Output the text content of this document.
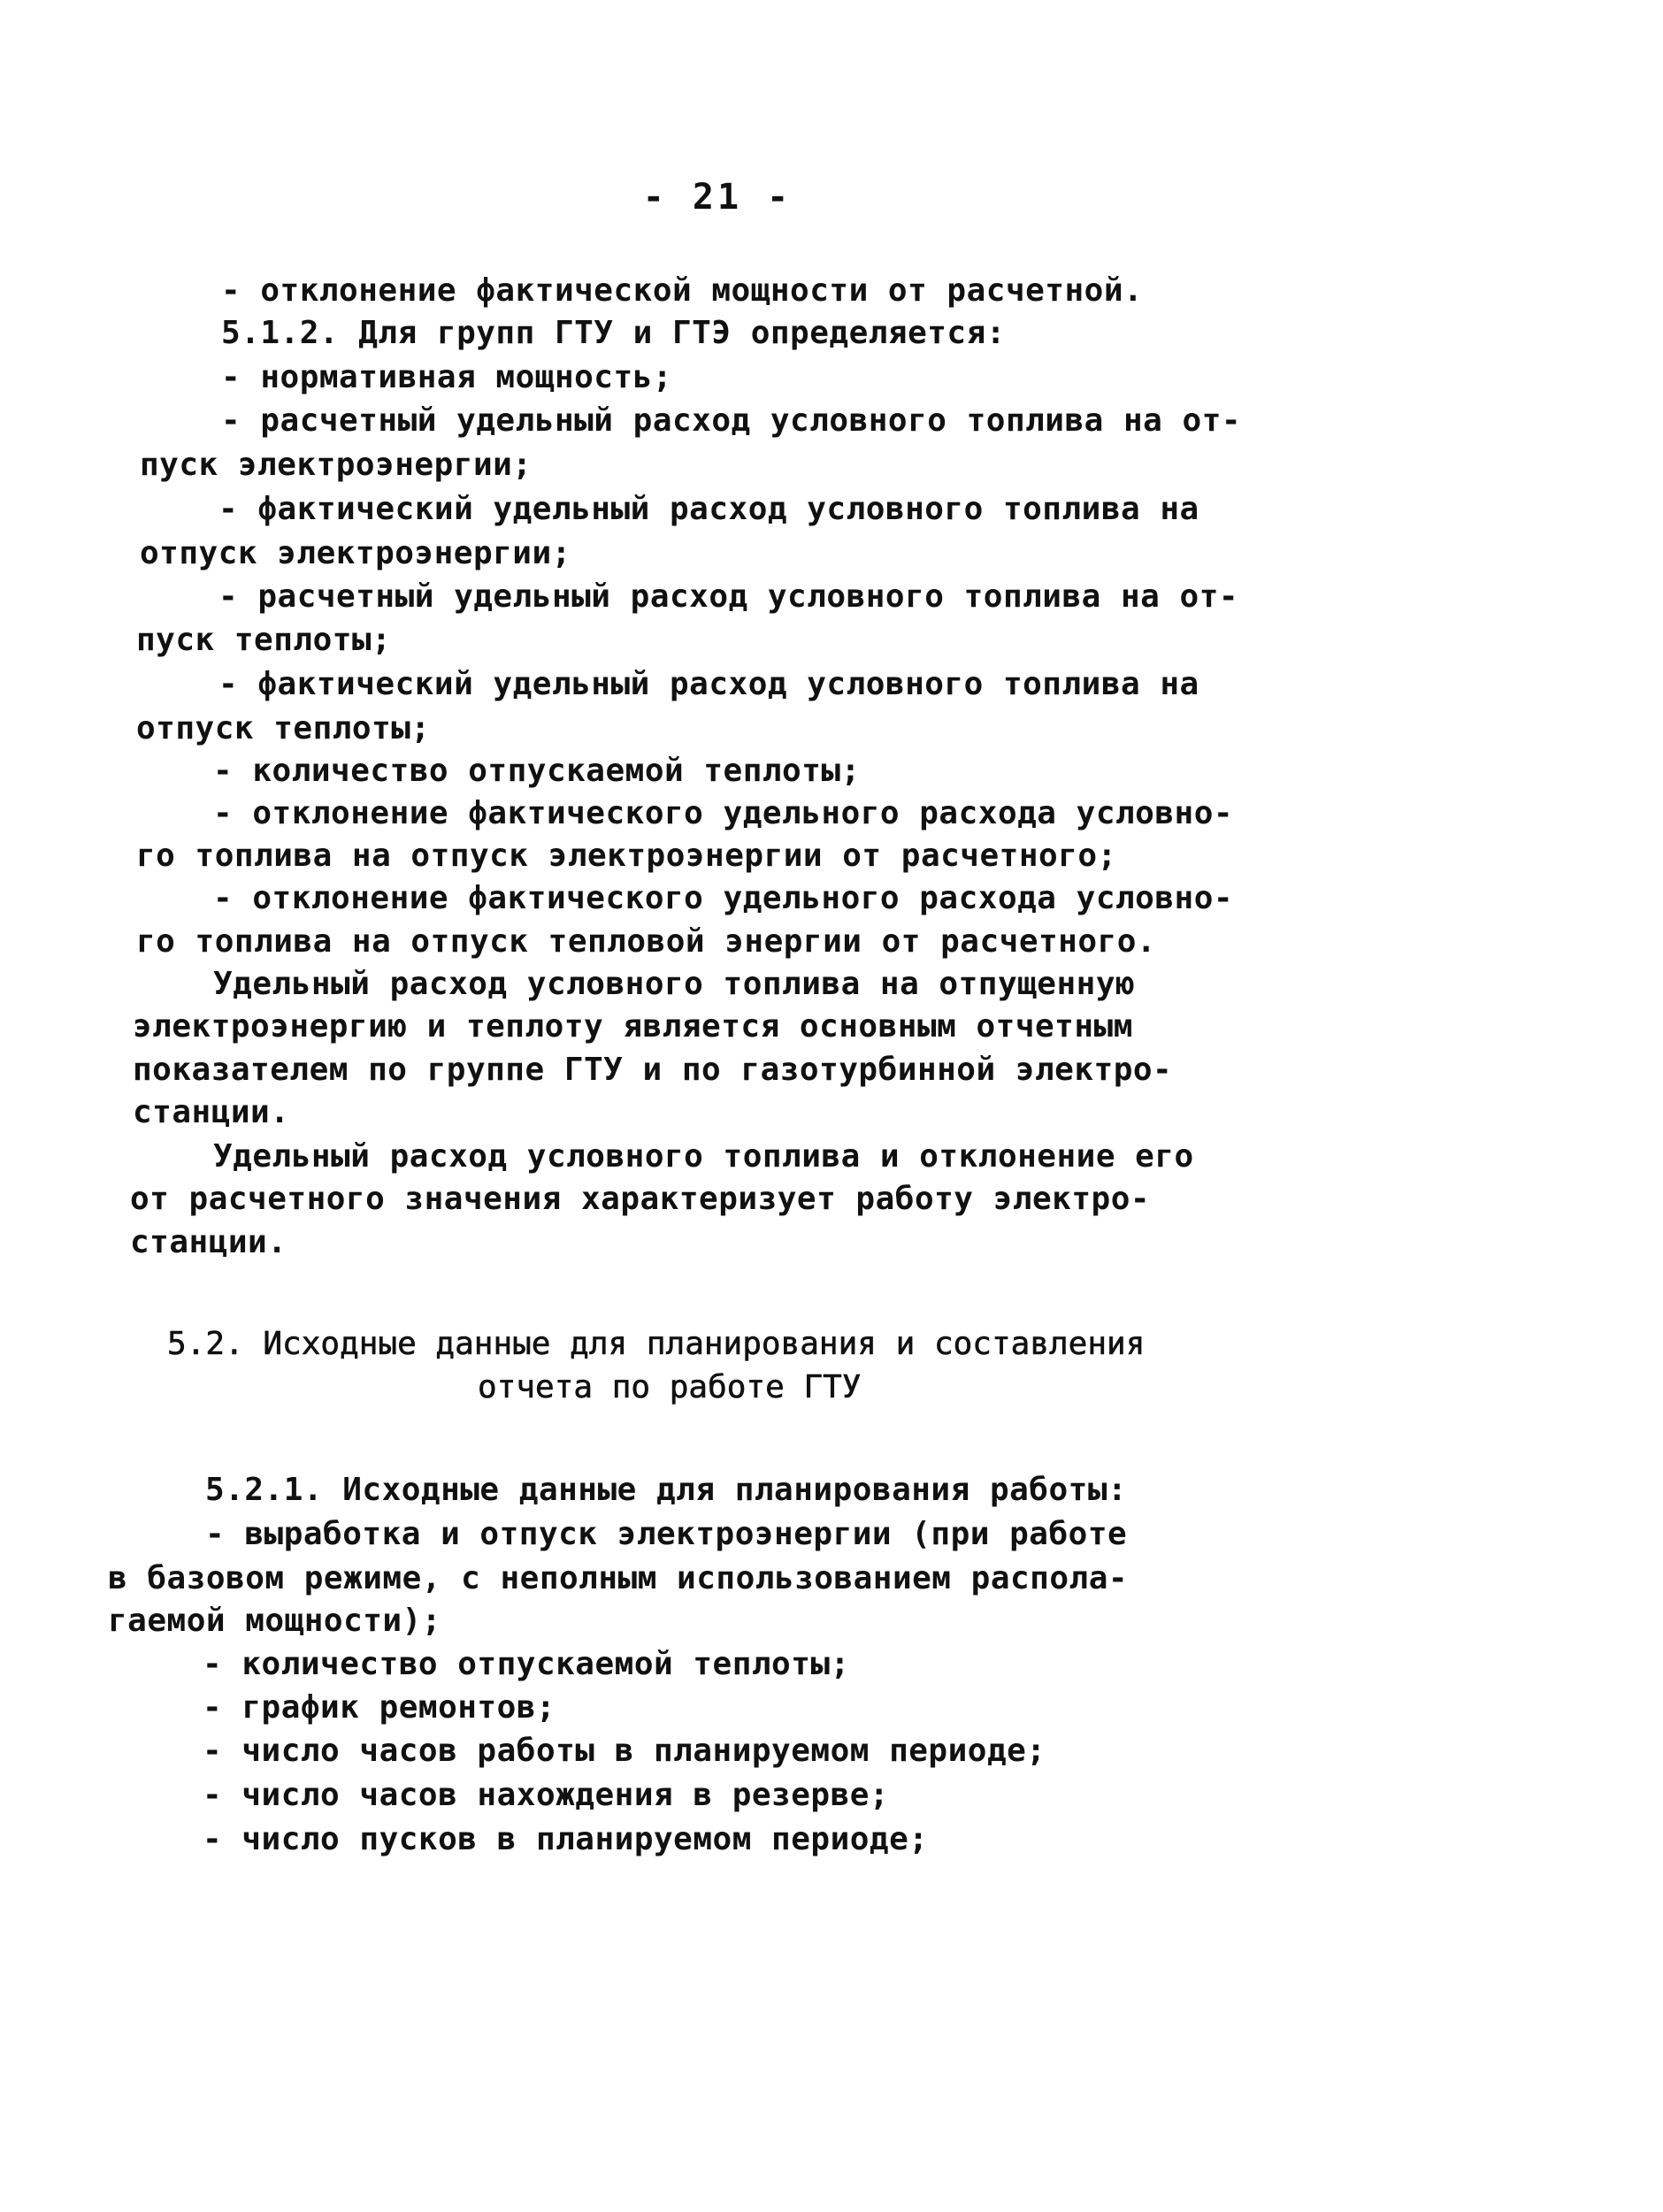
- 21 -
- отклонение фактической мощности от расчетной.
5.1.2. Для групп ГТУ и ГТЭ определяется:
- нормативная мощность;
- расчетный удельный расход условного топлива на от-
пуск электроэнергии;
- фактический удельный расход условного топлива на
отпуск электроэнергии;
- расчетный удельный расход условного топлива на от-
пуск теплоты;
- фактический удельный расход условного топлива на
отпуск теплоты;
- количество отпускаемой теплоты;
- отклонение фактического удельного расхода условно-
го топлива на отпуск электроэнергии от расчетного;
- отклонение фактического удельного расхода условно-
го топлива на отпуск тепловой энергии от расчетного.
Удельный расход условного топлива на отпущенную
электроэнергию и теплоту является основным отчетным
показателем по группе ГТУ и по газотурбинной электро-
станции.
Удельный расход условного топлива и отклонение его
от расчетного значения характеризует работу электро-
станции.
5.2. Исходные данные для планирования и составления
отчета по работе ГТУ
5.2.1. Исходные данные для планирования работы:
- выработка и отпуск электроэнергии (при работе
в базовом режиме, с неполным использованием распола-
гаемой мощности);
- количество отпускаемой теплоты;
- график ремонтов;
- число часов работы в планируемом периоде;
- число часов нахождения в резерве;
- число пусков в планируемом периоде;
